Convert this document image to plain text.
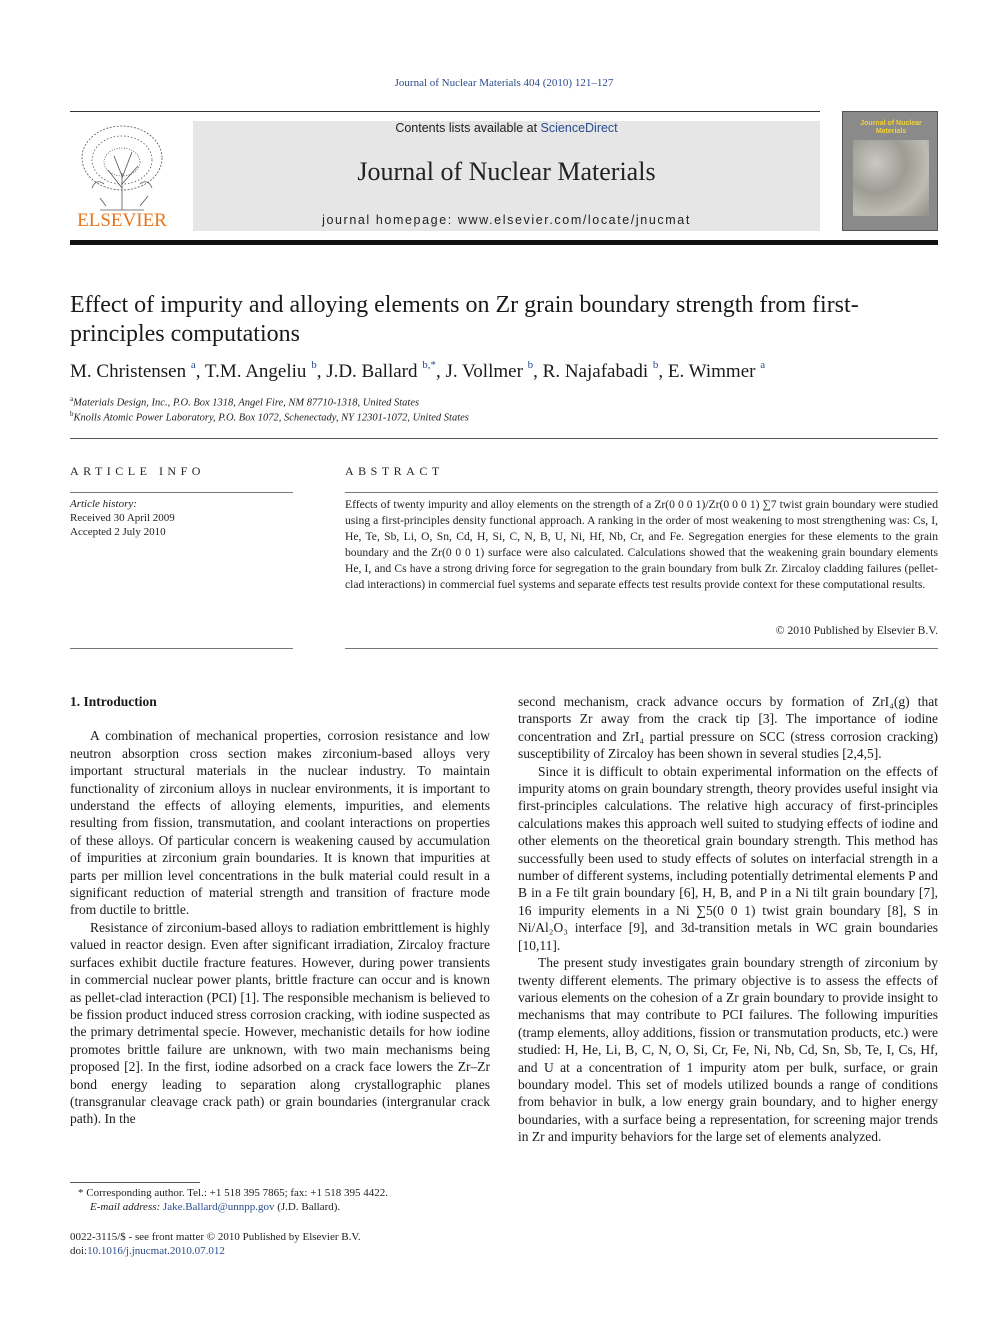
Journal of Nuclear Materials 404 (2010) 121–127
ELSEVIER
Contents lists available at ScienceDirect
Journal of Nuclear Materials
journal homepage: www.elsevier.com/locate/jnucmat
Journal of Nuclear Materials
Effect of impurity and alloying elements on Zr grain boundary strength from first-principles computations
M. Christensen $^a$, T.M. Angeliu $^b$, J.D. Ballard $^{b,*}$, J. Vollmer $^b$, R. Najafabadi $^b$, E. Wimmer $^a$
$^a$Materials Design, Inc., P.O. Box 1318, Angel Fire, NM 87710-1318, United States
$^b$Knolls Atomic Power Laboratory, P.O. Box 1072, Schenectady, NY 12301-1072, United States
ARTICLE INFO	ABSTRACT
Article history:
Received 30 April 2009
Accepted 2 July 2010
Effects of twenty impurity and alloy elements on the strength of a Zr(0 0 0 1)/Zr(0 0 0 1) ∑7 twist grain boundary were studied using a first-principles density functional approach. A ranking in the order of most weakening to most strengthening was: Cs, I, He, Te, Sb, Li, O, Sn, Cd, H, Si, C, N, B, U, Ni, Hf, Nb, Cr, and Fe. Segregation energies for these elements to the grain boundary and the Zr(0 0 0 1) surface were also calculated. Calculations showed that the weakening grain boundary elements He, I, and Cs have a strong driving force for segregation to the grain boundary from bulk Zr. Zircaloy cladding failures (pellet-clad interactions) in commercial fuel systems and separate effects test results provide context for these computational results.
© 2010 Published by Elsevier B.V.
1. Introduction

A combination of mechanical properties, corrosion resistance and low neutron absorption cross section makes zirconium-based alloys very important structural materials in the nuclear industry. To maintain functionality of zirconium alloys in nuclear environments, it is important to understand the effects of alloying elements, impurities, and elements resulting from fission, transmutation, and coolant interactions on properties of these alloys. Of particular concern is weakening caused by accumulation of impurities at zirconium grain boundaries. It is known that impurities at parts per million level concentrations in the bulk material could result in a significant reduction of material strength and transition of fracture mode from ductile to brittle.

Resistance of zirconium-based alloys to radiation embrittlement is highly valued in reactor design. Even after significant irradiation, Zircaloy fracture surfaces exhibit ductile fracture features. However, during power transients in commercial nuclear power plants, brittle fracture can occur and is known as pellet-clad interaction (PCI) [1]. The responsible mechanism is believed to be fission product induced stress corrosion cracking, with iodine suspected as the primary detrimental specie. However, mechanistic details for how iodine promotes brittle failure are unknown, with two main mechanisms being proposed [2]. In the first, iodine adsorbed on a crack face lowers the Zr–Zr bond energy leading to separation along crystallographic planes (transgranular cleavage crack path) or grain boundaries (intergranular crack path). In the

second mechanism, crack advance occurs by formation of ZrI₄(g) that transports Zr away from the crack tip [3]. The importance of iodine concentration and ZrI₄ partial pressure on SCC (stress corrosion cracking) susceptibility of Zircaloy has been shown in several studies [2,4,5].

Since it is difficult to obtain experimental information on the effects of impurity atoms on grain boundary strength, theory provides useful insight via first-principles calculations. The relative high accuracy of first-principles calculations makes this approach well suited to studying effects of iodine and other elements on the theoretical grain boundary strength. This method has successfully been used to study effects of solutes on interfacial strength in a number of different systems, including potentially detrimental elements P and B in a Fe tilt grain boundary [6], H, B, and P in a Ni tilt grain boundary [7], 16 impurity elements in a Ni ∑5(0 0 1) twist grain boundary [8], S in Ni/Al₂O₃ interface [9], and 3d-transition metals in WC grain boundaries [10,11].

The present study investigates grain boundary strength of zirconium by twenty different elements. The primary objective is to assess the effects of various elements on the cohesion of a Zr grain boundary to provide insight to mechanisms that may contribute to PCI failures. The following impurities (tramp elements, alloy additions, fission or transmutation products, etc.) were studied: H, He, Li, B, C, N, O, Si, Cr, Fe, Ni, Nb, Cd, Sn, Sb, Te, I, Cs, Hf, and U at a concentration of 1 impurity atom per bulk, surface, or grain boundary model. This set of models utilized bounds a range of conditions from behavior in bulk, a low energy grain boundary, and to higher energy boundaries, with a surface being a representation, for screening major trends in Zr and impurity behaviors for the large set of elements analyzed.

* Corresponding author. Tel.: +1 518 395 7865; fax: +1 518 395 4422.
E-mail address: Jake.Ballard@unnpp.gov (J.D. Ballard).
0022-3115/$ - see front matter © 2010 Published by Elsevier B.V.
doi:10.1016/j.jnucmat.2010.07.012
